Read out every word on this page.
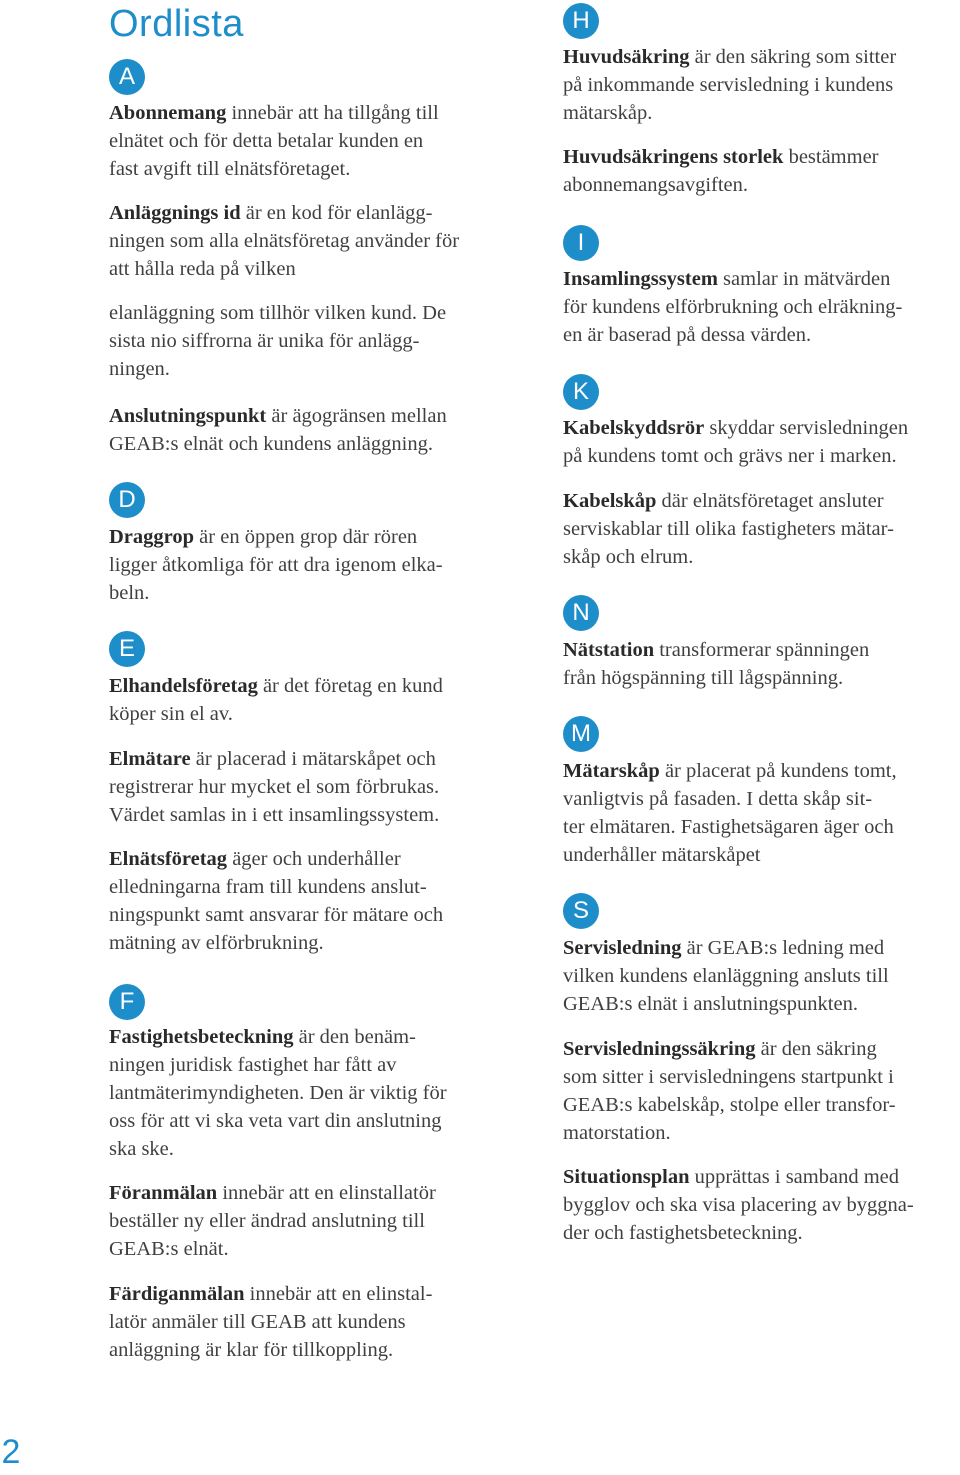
Ordlista
A
D
E
F
H
I
K
N
M
S
Abonnemang innebär att ha tillgång till
elnätet och för detta betalar kunden en
fast avgift till elnätsföretaget.
Anläggnings id är en kod för elanlägg-
ningen som alla elnätsföretag använder för
att hålla reda på vilken
elanläggning som tillhör vilken kund. De
sista nio siffrorna är unika för anlägg-
ningen.
Anslutningspunkt är ägogränsen mellan
GEAB:s elnät och kundens anläggning.
Draggrop är en öppen grop där rören
ligger åtkomliga för att dra igenom elka-
beln.
Elhandelsföretag är det företag en kund
köper sin el av.
Elmätare är placerad i mätarskåpet och
registrerar hur mycket el som förbrukas.
Värdet samlas in i ett insamlingssystem.
Elnätsföretag äger och underhåller
elledningarna fram till kundens anslut-
ningspunkt samt ansvarar för mätare och
mätning av elförbrukning.
Fastighetsbeteckning är den benäm-
ningen juridisk fastighet har fått av
lantmäterimyndigheten. Den är viktig för
oss för att vi ska veta vart din anslutning
ska ske.
Föranmälan innebär att en elinstallatör
beställer ny eller ändrad anslutning till
GEAB:s elnät.
Färdiganmälan innebär att en elinstal-
latör anmäler till GEAB att kundens
anläggning är klar för tillkoppling.
Huvudsäkring är den säkring som sitter
på inkommande servisledning i kundens
mätarskåp.
Huvudsäkringens storlek bestämmer
abonnemangsavgiften.
Insamlingssystem samlar in mätvärden
för kundens elförbrukning och elräkning-
en är baserad på dessa värden.
Kabelskyddsrör skyddar servisledningen
på kundens tomt och grävs ner i marken.
Kabelskåp där elnätsföretaget ansluter
serviskablar till olika fastigheters mätar-
skåp och elrum.
Nätstation transformerar spänningen
från högspänning till lågspänning.
Mätarskåp är placerat på kundens tomt,
vanligtvis på fasaden. I detta skåp sit-
ter elmätaren. Fastighetsägaren äger och
underhåller mätarskåpet
Servisledning är GEAB:s ledning med
vilken kundens elanläggning ansluts till
GEAB:s elnät i anslutningspunkten.
Servisledningssäkring är den säkring
som sitter i servisledningens startpunkt i
GEAB:s kabelskåp, stolpe eller transfor-
matorstation.
Situationsplan upprättas i samband med
bygglov och ska visa placering av byggna-
der och fastighetsbeteckning.
2
